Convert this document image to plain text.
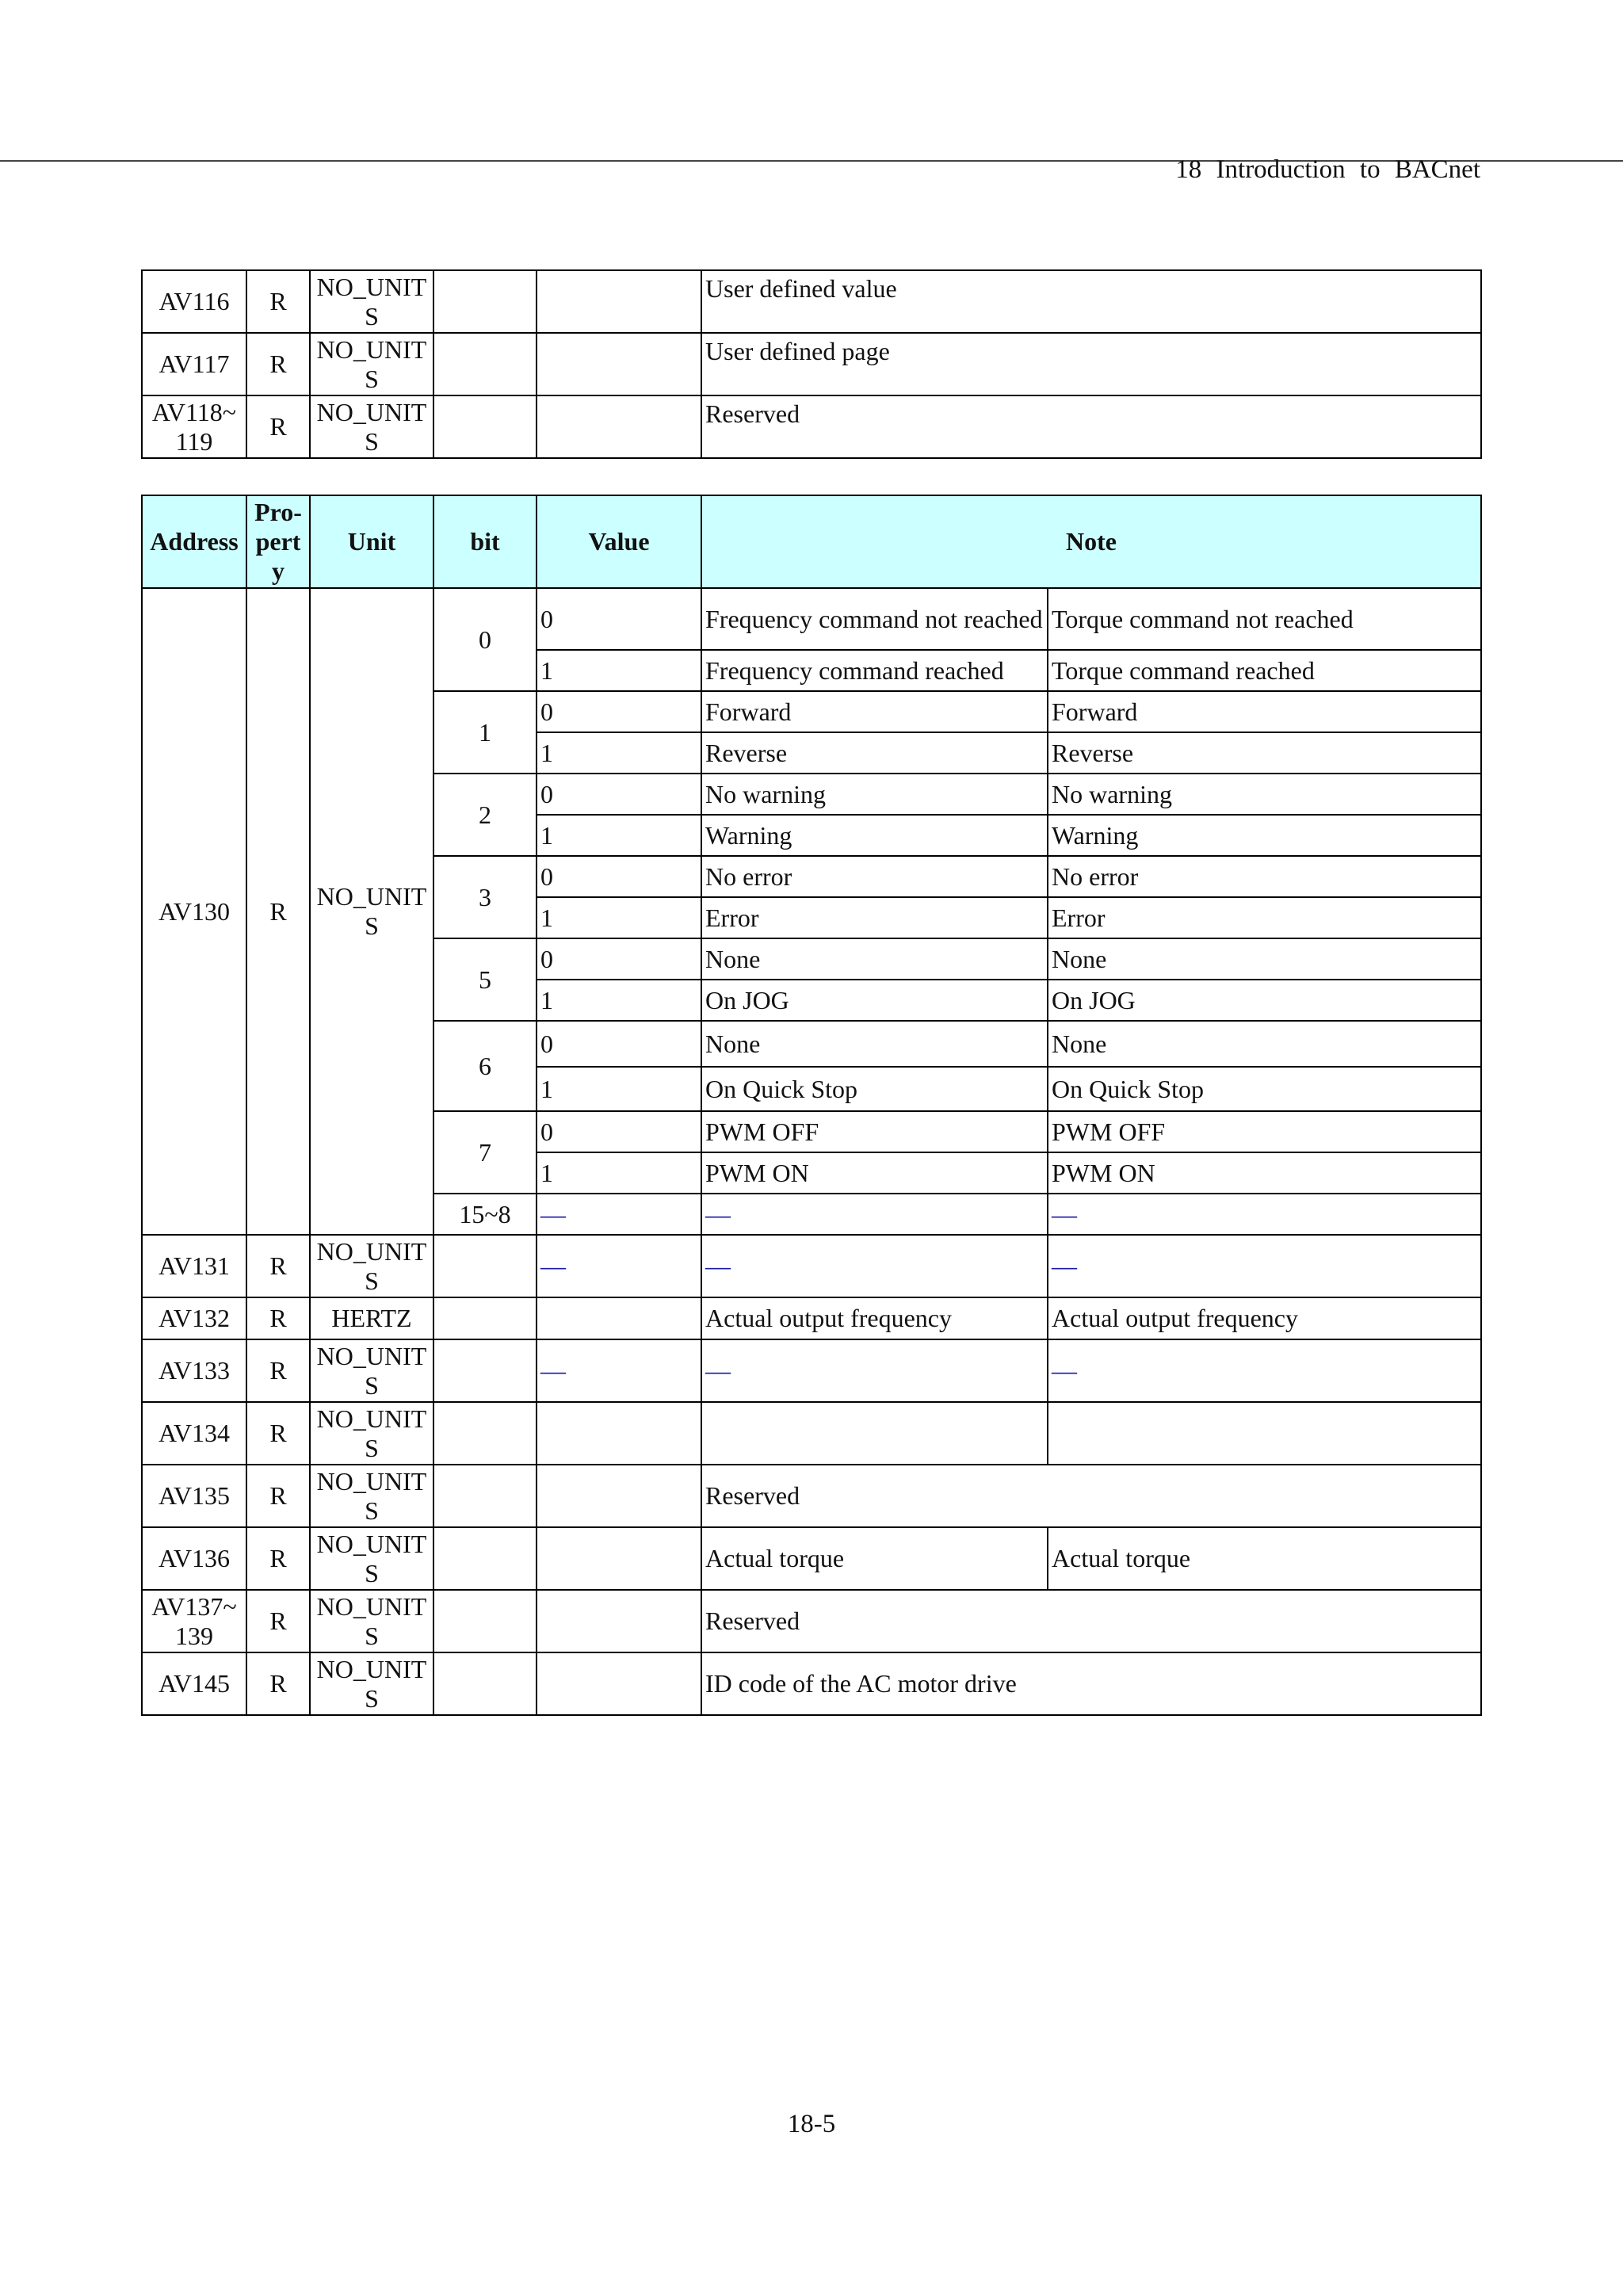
18 Introduction to BACnet
AV116	R	NO_UNIT S			User defined value
AV117	R	NO_UNIT S			User defined page
AV118~ 119	R	NO_UNIT S			Reserved
Address	Pro- pert y	Unit	bit	Value	Note	
AV130	R	NO_UNIT S	0	0	Frequency command not reached	Torque command not reached
				1	Frequency command reached	Torque command reached
			1	0	Forward	Forward
				1	Reverse	Reverse
			2	0	No warning	No warning
				1	Warning	Warning
			3	0	No error	No error
				1	Error	Error
			5	0	None	None
				1	On JOG	On JOG
			6	0	None	None
				1	On Quick Stop	On Quick Stop
			7	0	PWM OFF	PWM OFF
				1	PWM ON	PWM ON
			15~8	—	—	—
AV131	R	NO_UNIT S		—	—	—
AV132	R	HERTZ			Actual output frequency	Actual output frequency
AV133	R	NO_UNIT S		—	—	—
AV134	R	NO_UNIT S				
AV135	R	NO_UNIT S			Reserved	
AV136	R	NO_UNIT S			Actual torque	Actual torque
AV137~ 139	R	NO_UNIT S			Reserved	
AV145	R	NO_UNIT S			ID code of the AC motor drive	
18-5
